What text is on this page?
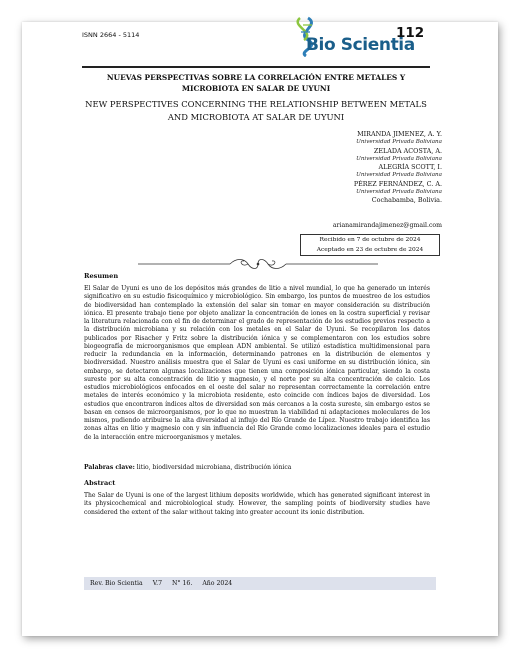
ISNN 2664 - 5114	Bio Scientia
112
NUEVAS PERSPECTIVAS SOBRE LA CORRELACIÓN ENTRE METALES Y MICROBIOTA EN SALAR DE UYUNI
NEW PERSPECTIVES CONCERNING THE RELATIONSHIP BETWEEN METALS AND MICROBIOTA AT SALAR DE UYUNI
MIRANDA JIMENEZ, A. Y.
Universidad Privada Boliviana
ZELADA ACOSTA, A.
Universidad Privada Boliviana
ALEGRÍA SCOTT, I.
Universidad Privada Boliviana
PÉREZ FERNÁNDEZ, C. A.
Universidad Privada Boliviana
Cochabamba, Bolivia.
arianamirandajimenez@gmail.com
Recibido en 7 de octubre de 2024
Aceptado en 23 de octubre de 2024
Resumen
El Salar de Uyuni es uno de los depósitos más grandes de litio a nivel mundial, lo que ha generado un interés significativo en su estudio fisicoquímico y microbiológico. Sin embargo, los puntos de muestreo de los estudios de biodiversidad han contemplado la extensión del salar sin tomar en mayor consideración su distribución iónica. El presente trabajo tiene por objeto analizar la concentración de iones en la costra superficial y revisar la literatura relacionada con el fin de determinar el grado de representación de los estudios previos respecto a la distribución microbiana y su relación con los metales en el Salar de Uyuni. Se recopilaron los datos publicados por Risacher y Fritz sobre la distribución iónica y se complementaron con los estudios sobre biogeografía de microorganismos que emplean ADN ambiental. Se utilizó estadística multidimensional para reducir la redundancia en la información, determinando patrones en la distribución de elementos y biodiversidad. Nuestro análisis muestra que el Salar de Uyuni es casi uniforme en su distribución iónica, sin embargo, se detectaron algunas localizaciones que tienen una composición iónica particular, siendo la costa sureste por su alta concentración de litio y magnesio, y el norte por su alta concentración de calcio. Los estudios microbiológicos enfocados en el oeste del salar no representan correctamente la correlación entre metales de interés económico y la microbiota residente, esto coincide con índices bajos de diversidad. Los estudios que encontraron índices altos de diversidad son más cercanos a la costa sureste, sin embargo estos se basan en censos de microorganismos, por lo que no muestran la viabilidad ni adaptaciones moleculares de los mismos, pudiendo atribuirse la alta diversidad al influjo del Río Grande de Lípez. Nuestro trabajo identifica las zonas altas en litio y magnesio con y sin influencia del Río Grande como localizaciones ideales para el estudio de la interacción entre microorganismos y metales.
Palabras clave: litio, biodiversidad microbiana, distribución iónica
Abstract
The Salar de Uyuni is one of the largest lithium deposits worldwide, which has generated significant interest in its physicochemical and microbiological study. However, the sampling points of biodiversity studies have considered the extent of the salar without taking into greater account its ionic distribution.
Rev. Bio Scientia V.7 N° 16. Año 2024
